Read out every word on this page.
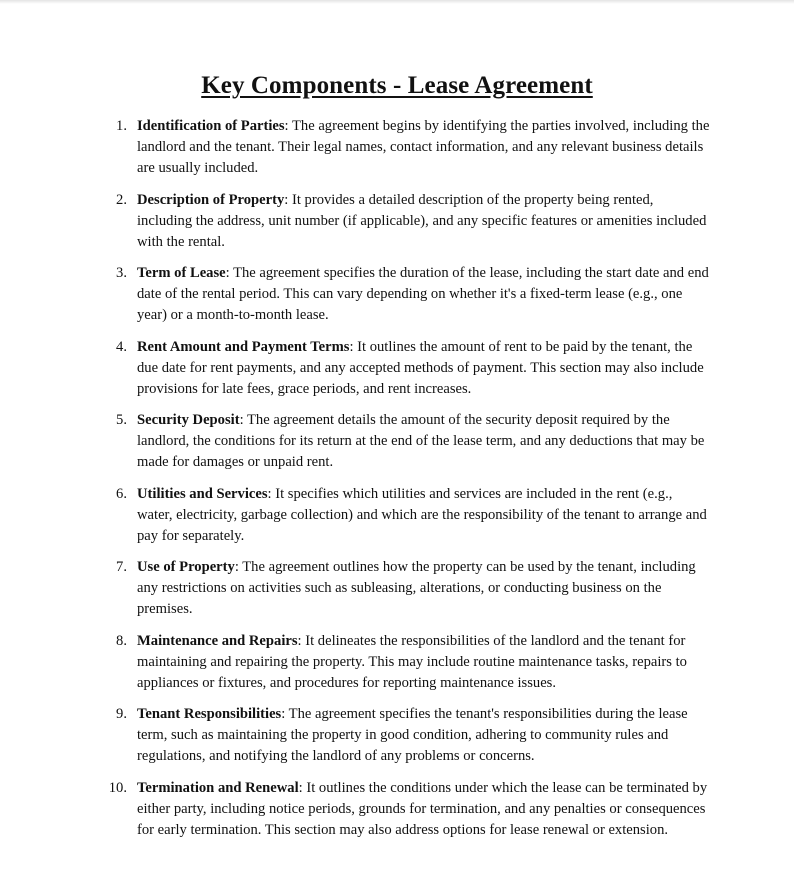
Key Components - Lease Agreement
1. Identification of Parties: The agreement begins by identifying the parties involved, including the landlord and the tenant. Their legal names, contact information, and any relevant business details are usually included.
2. Description of Property: It provides a detailed description of the property being rented, including the address, unit number (if applicable), and any specific features or amenities included with the rental.
3. Term of Lease: The agreement specifies the duration of the lease, including the start date and end date of the rental period. This can vary depending on whether it's a fixed-term lease (e.g., one year) or a month-to-month lease.
4. Rent Amount and Payment Terms: It outlines the amount of rent to be paid by the tenant, the due date for rent payments, and any accepted methods of payment. This section may also include provisions for late fees, grace periods, and rent increases.
5. Security Deposit: The agreement details the amount of the security deposit required by the landlord, the conditions for its return at the end of the lease term, and any deductions that may be made for damages or unpaid rent.
6. Utilities and Services: It specifies which utilities and services are included in the rent (e.g., water, electricity, garbage collection) and which are the responsibility of the tenant to arrange and pay for separately.
7. Use of Property: The agreement outlines how the property can be used by the tenant, including any restrictions on activities such as subleasing, alterations, or conducting business on the premises.
8. Maintenance and Repairs: It delineates the responsibilities of the landlord and the tenant for maintaining and repairing the property. This may include routine maintenance tasks, repairs to appliances or fixtures, and procedures for reporting maintenance issues.
9. Tenant Responsibilities: The agreement specifies the tenant's responsibilities during the lease term, such as maintaining the property in good condition, adhering to community rules and regulations, and notifying the landlord of any problems or concerns.
10. Termination and Renewal: It outlines the conditions under which the lease can be terminated by either party, including notice periods, grounds for termination, and any penalties or consequences for early termination. This section may also address options for lease renewal or extension.
